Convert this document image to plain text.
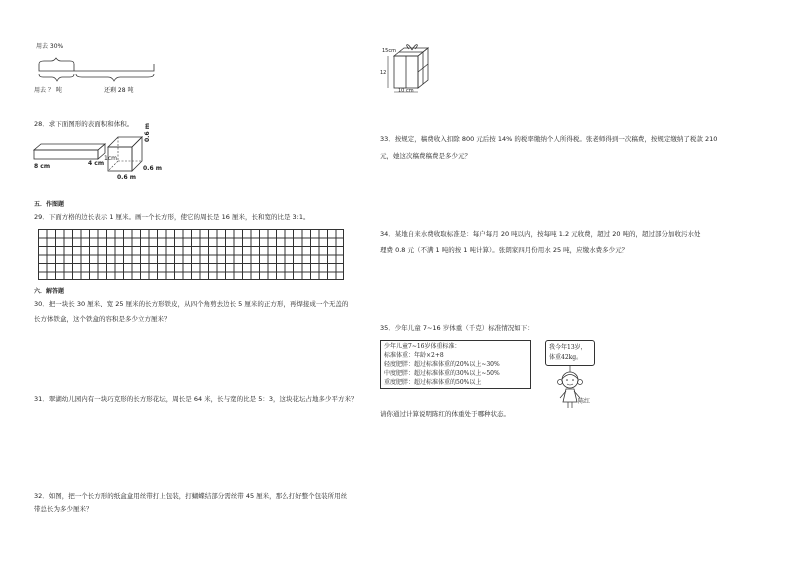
用去 30%
用去 ？ 吨	还剩 28 吨
28．求下面图形的表面积和体积。
8 cm	4 cm
1cm
0.6 m
0.6 m
0.6 m
五．作图题
29．下面方格的边长表示 1 厘米。画一个长方形，使它的周长是 16 厘米，长和宽的比是 3:1。
六．解答题
30．把一块长 30 厘米、宽 25 厘米的长方形铁皮，从四个角剪去边长 5 厘米的正方形，再焊接成一个无盖的
长方体铁盒，这个铁盒的容积是多少立方厘米？
31．翠湖幼儿园内有一块巧克形的长方形花坛，周长是 64 米，长与宽的比是 5：3，这块花坛占地多少平方米？
32．如图，把一个长方形的纸盒盒用丝带打上包装，打蝴蝶结部分需丝带 45 厘米，那么打好整个包装所用丝
带总长为多少厘米？
15cm
12
10 cm
33．按规定，稿费收入扣除 800 元后按 14% 的税率缴纳个人所得税。张老师得到一次稿费，按规定缴纳了税款 210
元，她这次稿费稿费是多少元？
34．某地自来水费收取标准是：每户每月 20 吨以内，按每吨 1.2 元收费，超过 20 吨的，超过部分加收污水处
理费 0.8 元（不满 1 吨的按 1 吨计算）。张朗家四月份用水 25 吨，应缴水费多少元？
35．少年儿童 7~16 岁体重（千克）标准情况如下：
少年儿童7~16岁体重标准：
标准体重：年龄×2+8
轻度肥胖：超过标准体重的20%以上~30%
中度肥胖：超过标准体重的30%以上~50%
重度肥胖：超过标准体重的50%以上
我今年13岁，
体重42kg。
陈红
请你通过计算说明陈红的体重处于哪种状态。
